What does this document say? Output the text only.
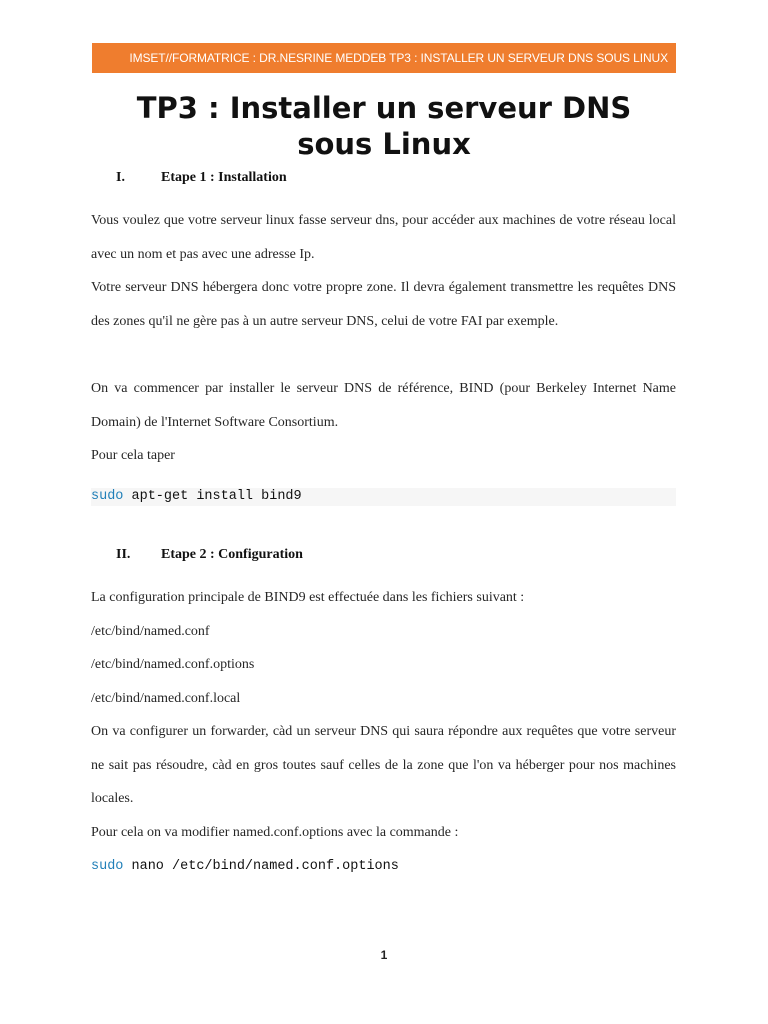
IMSET//FORMATRICE : DR.NESRINE MEDDEB TP3 : INSTALLER UN SERVEUR DNS SOUS LINUX
TP3 : Installer un serveur DNS
sous Linux
I.	Etape 1 : Installation
Vous voulez que votre serveur linux fasse serveur dns, pour accéder aux machines de votre réseau local avec un nom et pas avec une adresse Ip.
Votre serveur DNS hébergera donc votre propre zone. Il devra également transmettre les requêtes DNS des zones qu'il ne gère pas à un autre serveur DNS, celui de votre FAI par exemple.
On va commencer par installer le serveur DNS de référence, BIND (pour Berkeley Internet Name Domain) de l'Internet Software Consortium.
Pour cela taper
sudo apt-get install bind9
II. Etape 2 : Configuration
La configuration principale de BIND9 est effectuée dans les fichiers suivant :
/etc/bind/named.conf
/etc/bind/named.conf.options
/etc/bind/named.conf.local
On va configurer un forwarder, càd un serveur DNS qui saura répondre aux requêtes que votre serveur ne sait pas résoudre, càd en gros toutes sauf celles de la zone que l'on va héberger pour nos machines locales.
Pour cela on va modifier named.conf.options avec la commande :
sudo nano /etc/bind/named.conf.options
1
